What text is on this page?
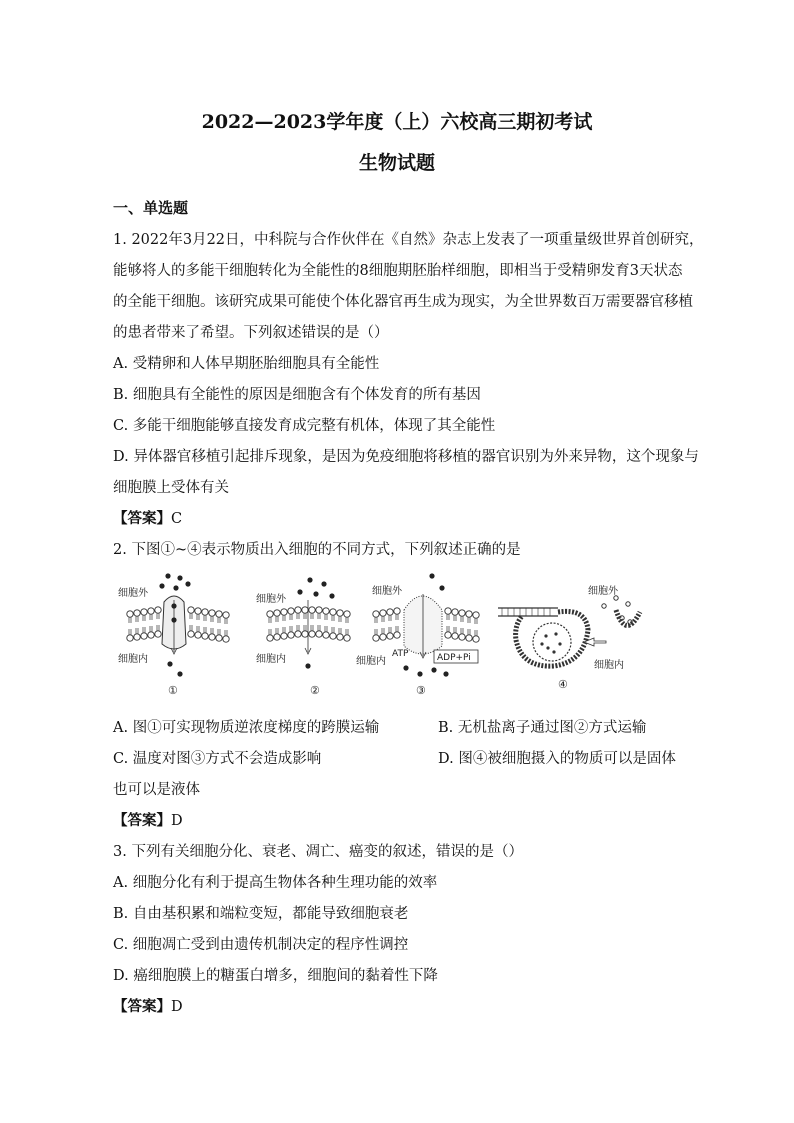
2022—2023学年度（上）六校高三期初考试
生物试题
一、单选题
1. 2022年3月22日，中科院与合作伙伴在《自然》杂志上发表了一项重量级世界首创研究，
能够将人的多能干细胞转化为全能性的8细胞期胚胎样细胞，即相当于受精卵发育3天状态
的全能干细胞。该研究成果可能使个体化器官再生成为现实，为全世界数百万需要器官移植
的患者带来了希望。下列叙述错误的是（）
A. 受精卵和人体早期胚胎细胞具有全能性
B. 细胞具有全能性的原因是细胞含有个体发育的所有基因
C. 多能干细胞能够直接发育成完整有机体，体现了其全能性
D. 异体器官移植引起排斥现象，是因为免疫细胞将移植的器官识别为外来异物，这个现象与
细胞膜上受体有关
【答案】C
2. 下图①~④表示物质出入细胞的不同方式，下列叙述正确的是
细胞外
细胞内
①
细胞外
细胞内
②
细胞外
细胞内
ATP	ADP+Pi
③
细胞外
细胞内
④
A. 图①可实现物质逆浓度梯度的跨膜运输	B. 无机盐离子通过图②方式运输
C. 温度对图③方式不会造成影响	D. 图④被细胞摄入的物质可以是固体
也可以是液体
【答案】D
3. 下列有关细胞分化、衰老、凋亡、癌变的叙述，错误的是（）
A. 细胞分化有利于提高生物体各种生理功能的效率
B. 自由基积累和端粒变短，都能导致细胞衰老
C. 细胞凋亡受到由遗传机制决定的程序性调控
D. 癌细胞膜上的糖蛋白增多，细胞间的黏着性下降
【答案】D
